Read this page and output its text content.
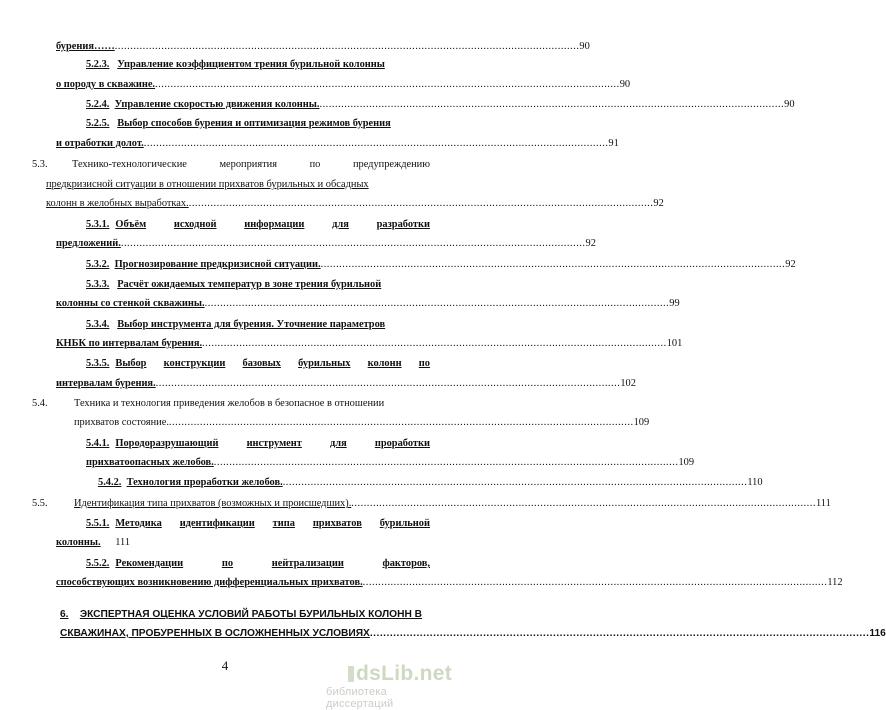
бурения…… ...................................................................................................................................................... 90
5.2.3. Управление коэффициентом трения бурильной колонны
о породу в скважине. ...................................................................................................................................................... 90
5.2.4.
Управление скоростью движения колонны. ...................................................................................................................................................... 90
5.2.5. Выбор способов бурения и оптимизация режимов бурения
и отработки долот. ...................................................................................................................................................... 91
5.3.	Технико-технологические	мероприятия	по	предупреждению
предкризисной ситуации в отношении прихватов бурильных и обсадных
колонн в желобных выработках. ...................................................................................................................................................... 92
5.3.1. Объём	исходной	информации	для	разработки
предложений. ...................................................................................................................................................... 92
5.3.2.
Прогнозирование предкризисной ситуации. ...................................................................................................................................................... 92
5.3.3. Расчёт ожидаемых температур в зоне трения бурильной
колонны со стенкой скважины. ...................................................................................................................................................... 99
5.3.4. Выбор инструмента для бурения. Уточнение параметров
КНБК по интервалам бурения. ...................................................................................................................................................... 101
5.3.5. Выбор конструкции базовых бурильных колонн по
интервалам бурения. ...................................................................................................................................................... 102
5.4.	Техника и технология приведения желобов в безопасное в отношении
прихватов состояние. ...................................................................................................................................................... 109
5.4.1. Породоразрушающий	инструмент	для	проработки
прихватоопасных желобов. ...................................................................................................................................................... 109
5.4.2.
Технология проработки желобов. ...................................................................................................................................................... 110
5.5.	Идентификация типа прихватов (возможных и происшедших). ...................................................................................................................................................... 111
5.5.1. Методика идентификации типа прихватов бурильной
колонны. 111
5.5.2. Рекомендации	по	нейтрализации	факторов,
способствующих возникновению дифференциальных прихватов. ...................................................................................................................................................... 112
6. ЭКСПЕРТНАЯ ОЦЕНКА УСЛОВИЙ РАБОТЫ БУРИЛЬНЫХ КОЛОНН В
СКВАЖИНАХ, ПРОБУРЕННЫХ В ОСЛОЖНЕННЫХ УСЛОВИЯХ ...................................................................................................................................................... 116
4	dsLib.net
библиотека диссертаций
